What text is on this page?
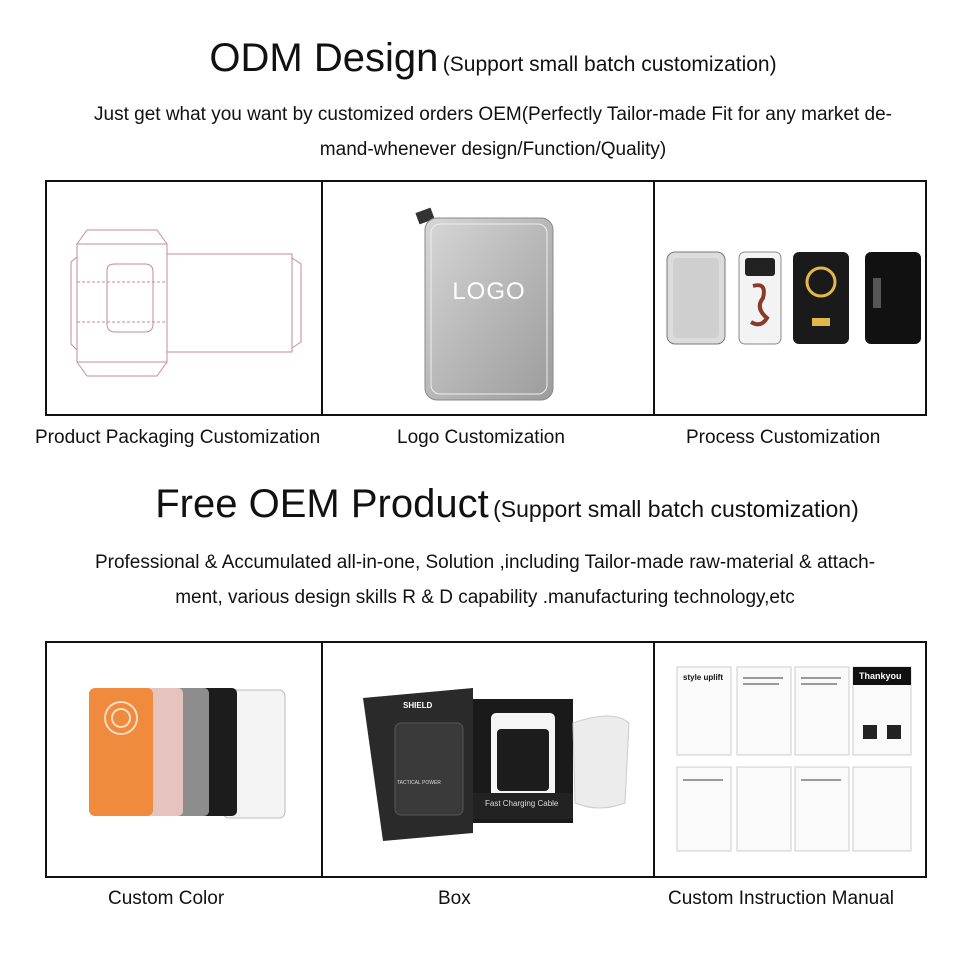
ODM Design (Support small batch customization)
Just get what you want by customized orders OEM(Perfectly Tailor-made Fit for any market de-
mand-whenever design/Function/Quality)
LOGO
Product Packaging Customization	Logo Customization	Process Customization
Free OEM Product (Support small batch customization)
Professional & Accumulated all-in-one, Solution ,including Tailor-made raw-material & attach-
ment, various design skills R & D capability .manufacturing technology,etc
SHIELD
TACTICAL POWER
Fast Charging Cable
style uplift	Thankyou
Custom Color	Box	Custom Instruction Manual
